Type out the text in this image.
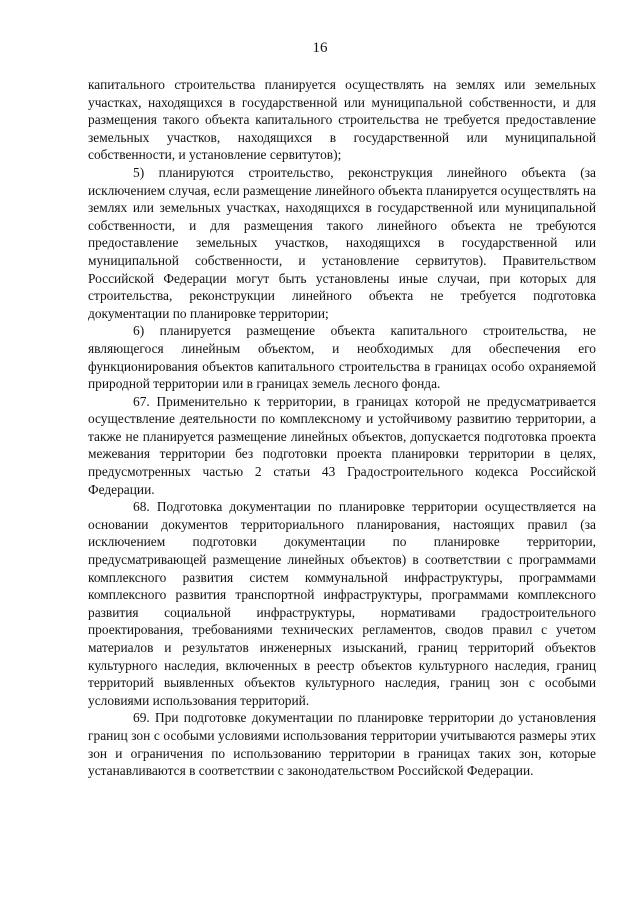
16

капитального строительства планируется осуществлять на землях или земельных участках, находящихся в государственной или муниципальной собственности, и для размещения такого объекта капитального строительства не требуется предоставление земельных участков, находящихся в государственной или муниципальной собственности, и установление сервитутов);

5) планируются строительство, реконструкция линейного объекта (за исключением случая, если размещение линейного объекта планируется осуществлять на землях или земельных участках, находящихся в государственной или муниципальной собственности, и для размещения такого линейного объекта не требуются предоставление земельных участков, находящихся в государственной или муниципальной собственности, и установление сервитутов). Правительством Российской Федерации могут быть установлены иные случаи, при которых для строительства, реконструкции линейного объекта не требуется подготовка документации по планировке территории;

6) планируется размещение объекта капитального строительства, не являющегося линейным объектом, и необходимых для обеспечения его функционирования объектов капитального строительства в границах особо охраняемой природной территории или в границах земель лесного фонда.

67. Применительно к территории, в границах которой не предусматривается осуществление деятельности по комплексному и устойчивому развитию территории, а также не планируется размещение линейных объектов, допускается подготовка проекта межевания территории без подготовки проекта планировки территории в целях, предусмотренных частью 2 статьи 43 Градостроительного кодекса Российской Федерации.

68. Подготовка документации по планировке территории осуществляется на основании документов территориального планирования, настоящих правил (за исключением подготовки документации по планировке территории, предусматривающей размещение линейных объектов) в соответствии с программами комплексного развития систем коммунальной инфраструктуры, программами комплексного развития транспортной инфраструктуры, программами комплексного развития социальной инфраструктуры, нормативами градостроительного проектирования, требованиями технических регламентов, сводов правил с учетом материалов и результатов инженерных изысканий, границ территорий объектов культурного наследия, включенных в реестр объектов культурного наследия, границ территорий выявленных объектов культурного наследия, границ зон с особыми условиями использования территорий.

69. При подготовке документации по планировке территории до установления границ зон с особыми условиями использования территории учитываются размеры этих зон и ограничения по использованию территории в границах таких зон, которые устанавливаются в соответствии с законодательством Российской Федерации.
